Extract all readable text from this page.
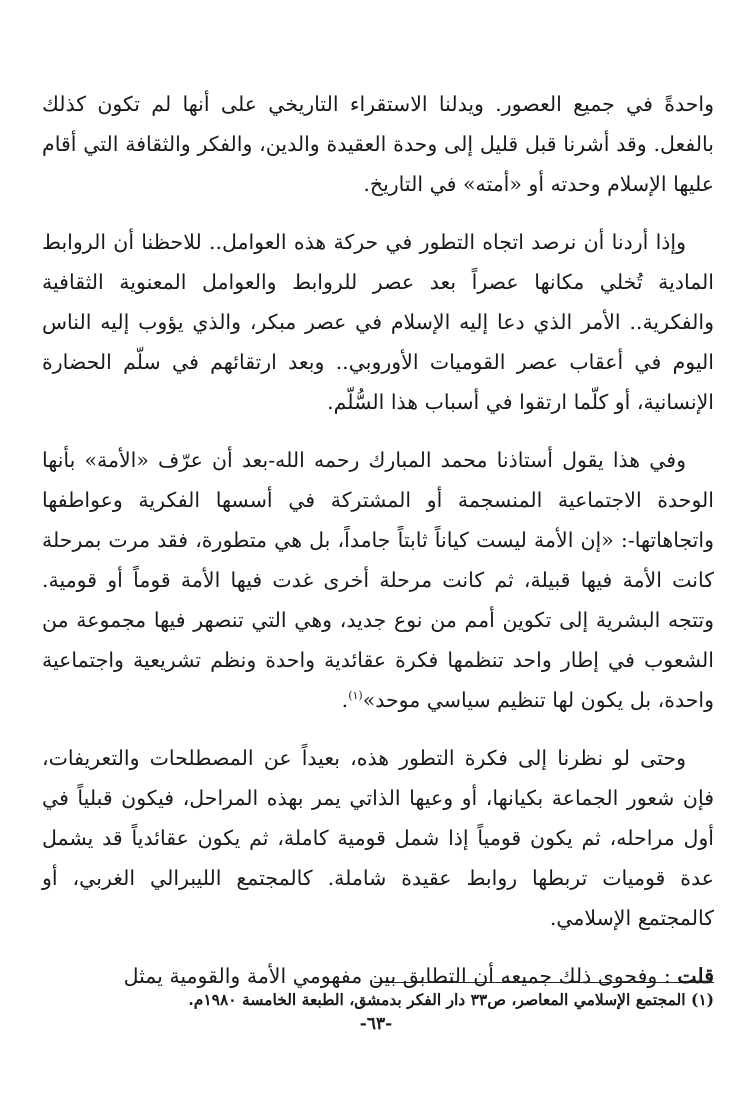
واحدةً في جميع العصور. ويدلنا الاستقراء التاريخي على أنها لم تكون كذلك بالفعل. وقد أشرنا قبل قليل إلى وحدة العقيدة والدين، والفكر والثقافة التي أقام عليها الإسلام وحدته أو «أمته» في التاريخ.

وإذا أردنا أن نرصد اتجاه التطور في حركة هذه العوامل.. للاحظنا أن الروابط المادية تُخلي مكانها عصراً بعد عصر للروابط والعوامل المعنوية الثقافية والفكرية.. الأمر الذي دعا إليه الإسلام في عصر مبكر، والذي يؤوب إليه الناس اليوم في أعقاب عصر القوميات الأوروبي.. وبعد ارتقائهم في سلّم الحضارة الإنسانية، أو كلّما ارتقوا في أسباب هذا السُّلّم.

وفي هذا يقول أستاذنا محمد المبارك رحمه الله-بعد أن عرّف «الأمة» بأنها الوحدة الاجتماعية المنسجمة أو المشتركة في أسسها الفكرية وعواطفها واتجاهاتها-: «إن الأمة ليست كياناً ثابتاً جامداً، بل هي متطورة، فقد مرت بمرحلة كانت الأمة فيها قبيلة، ثم كانت مرحلة أخرى غدت فيها الأمة قوماً أو قومية. وتتجه البشرية إلى تكوين أمم من نوع جديد، وهي التي تنصهر فيها مجموعة من الشعوب في إطار واحد تنظمها فكرة عقائدية واحدة ونظم تشريعية واجتماعية واحدة، بل يكون لها تنظيم سياسي موحد»$^{(١)}$.

وحتى لو نظرنا إلى فكرة التطور هذه، بعيداً عن المصطلحات والتعريفات، فإن شعور الجماعة بكيانها، أو وعيها الذاتي يمر بهذه المراحل، فيكون قبلياً في أول مراحله، ثم يكون قومياً إذا شمل قومية كاملة، ثم يكون عقائدياً قد يشمل عدة قوميات تربطها روابط عقيدة شاملة. كالمجتمع الليبرالي الغربي، أو كالمجتمع الإسلامي.

قلت : وفحوى ذلك جميعه أن التطابق بين مفهومي الأمة والقومية يمثل

(١) المجتمع الإسلامي المعاصر، ص٣٣ دار الفكر بدمشق، الطبعة الخامسة ١٩٨٠م.
-٦٣-
